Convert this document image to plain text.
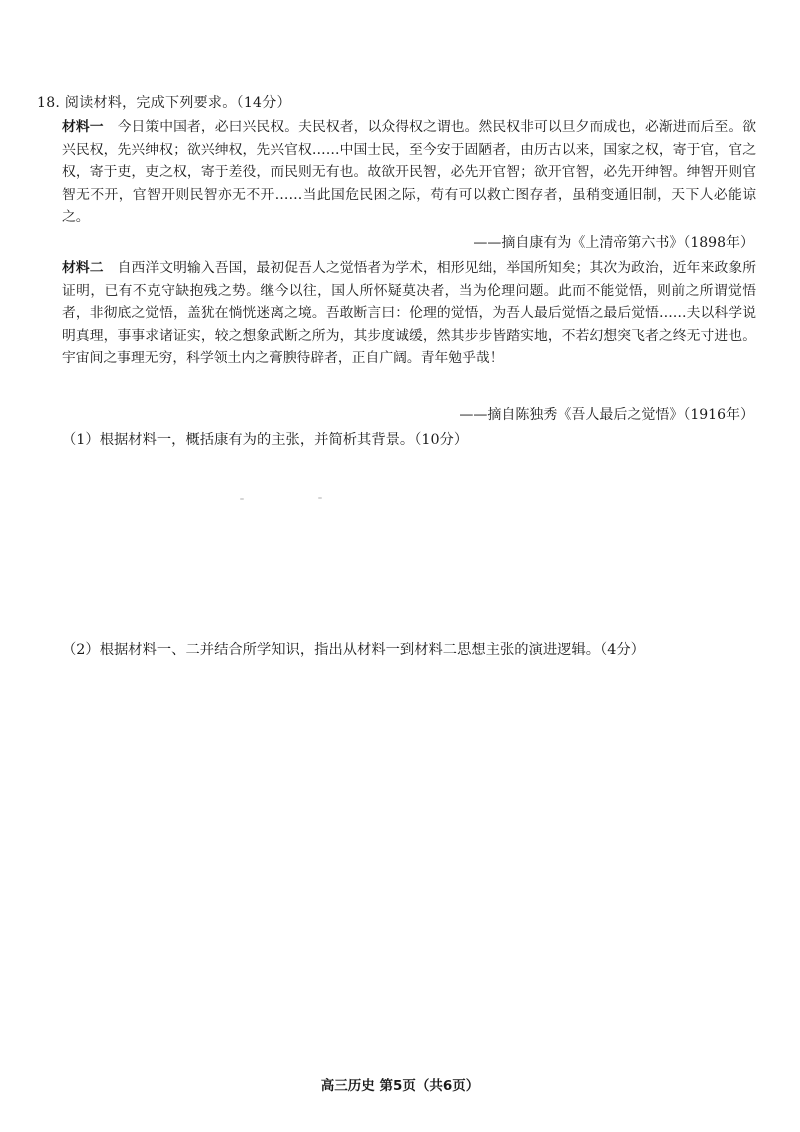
18. 阅读材料，完成下列要求。（14分）
材料一 今日策中国者，必曰兴民权。夫民权者，以众得权之谓也。然民权非可以旦夕而成也，必渐进而后至。欲兴民权，先兴绅权；欲兴绅权，先兴官权……中国士民，至今安于固陋者，由历古以来，国家之权，寄于官，官之权，寄于吏，吏之权，寄于差役，而民则无有也。故欲开民智，必先开官智；欲开官智，必先开绅智。绅智开则官智无不开，官智开则民智亦无不开……当此国危民困之际，苟有可以救亡图存者，虽稍变通旧制，天下人必能谅之。
——摘自康有为《上清帝第六书》（1898年）
材料二 自西洋文明输入吾国，最初促吾人之觉悟者为学术，相形见绌，举国所知矣；其次为政治，近年来政象所证明，已有不克守缺抱残之势。继今以往，国人所怀疑莫决者，当为伦理问题。此而不能觉悟，则前之所谓觉悟者，非彻底之觉悟，盖犹在惝恍迷离之境。吾敢断言曰：伦理的觉悟，为吾人最后觉悟之最后觉悟……夫以科学说明真理，事事求诸证实，较之想象武断之所为，其步度诚缓，然其步步皆踏实地，不若幻想突飞者之终无寸进也。宇宙间之事理无穷，科学领土内之膏腴待辟者，正自广阔。青年勉乎哉！
——摘自陈独秀《吾人最后之觉悟》（1916年）
（1）根据材料一，概括康有为的主张，并简析其背景。（10分）
（2）根据材料一、二并结合所学知识，指出从材料一到材料二思想主张的演进逻辑。（4分）
高三历史 第5页（共6页）
